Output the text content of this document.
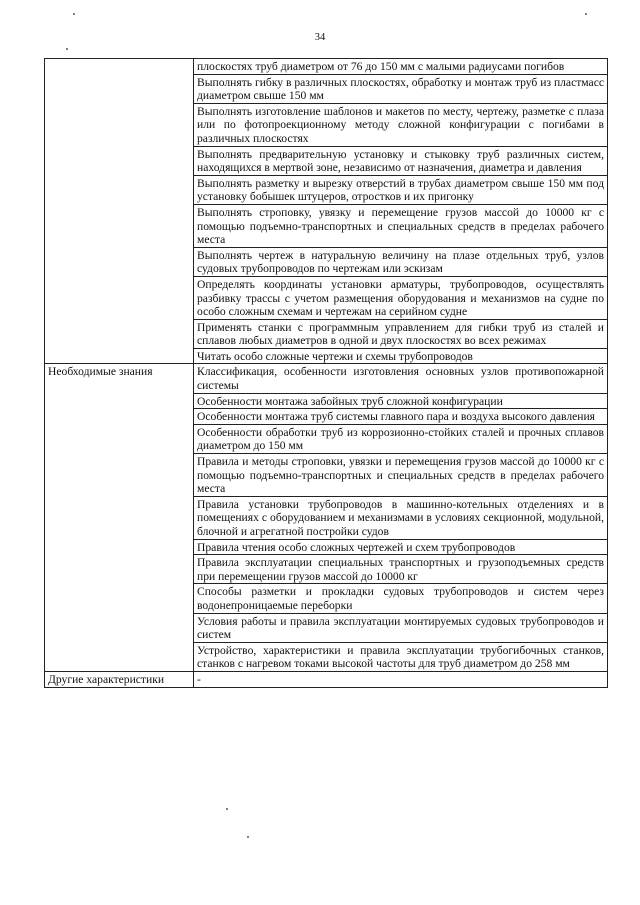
34
	плоскостях труб диаметром от 76 до 150 мм с малыми радиусами погибов
	Выполнять гибку в различных плоскостях, обработку и монтаж труб из пластмасс диаметром свыше 150 мм
	Выполнять изготовление шаблонов и макетов по месту, чертежу, разметке с плаза или по фотопроекционному методу сложной конфигурации с погибами в различных плоскостях
	Выполнять предварительную установку и стыковку труб различных систем, находящихся в мертвой зоне, независимо от назначения, диаметра и давления
	Выполнять разметку и вырезку отверстий в трубах диаметром свыше 150 мм под установку бобышек штуцеров, отростков и их пригонку
	Выполнять строповку, увязку и перемещение грузов массой до 10000 кг с помощью подъемно-транспортных и специальных средств в пределах рабочего места
	Выполнять чертеж в натуральную величину на плазе отдельных труб, узлов судовых трубопроводов по чертежам или эскизам
	Определять координаты установки арматуры, трубопроводов, осуществлять разбивку трассы с учетом размещения оборудования и механизмов на судне по особо сложным схемам и чертежам на серийном судне
	Применять станки с программным управлением для гибки труб из сталей и сплавов любых диаметров в одной и двух плоскостях во всех режимах
	Читать особо сложные чертежи и схемы трубопроводов
Необходимые знания	Классификация, особенности изготовления основных узлов противопожарной системы
	Особенности монтажа забойных труб сложной конфигурации
	Особенности монтажа труб системы главного пара и воздуха высокого давления
	Особенности обработки труб из коррозионно-стойких сталей и прочных сплавов диаметром до 150 мм
	Правила и методы строповки, увязки и перемещения грузов массой до 10000 кг с помощью подъемно-транспортных и специальных средств в пределах рабочего места
	Правила установки трубопроводов в машинно-котельных отделениях и в помещениях с оборудованием и механизмами в условиях секционной, модульной, блочной и агрегатной постройки судов
	Правила чтения особо сложных чертежей и схем трубопроводов
	Правила эксплуатации специальных транспортных и грузоподъемных средств при перемещении грузов массой до 10000 кг
	Способы разметки и прокладки судовых трубопроводов и систем через водонепроницаемые переборки
	Условия работы и правила эксплуатации монтируемых судовых трубопроводов и систем
	Устройство, характеристики и правила эксплуатации трубогибочных станков, станков с нагревом токами высокой частоты для труб диаметром до 258 мм
Другие характеристики	-
